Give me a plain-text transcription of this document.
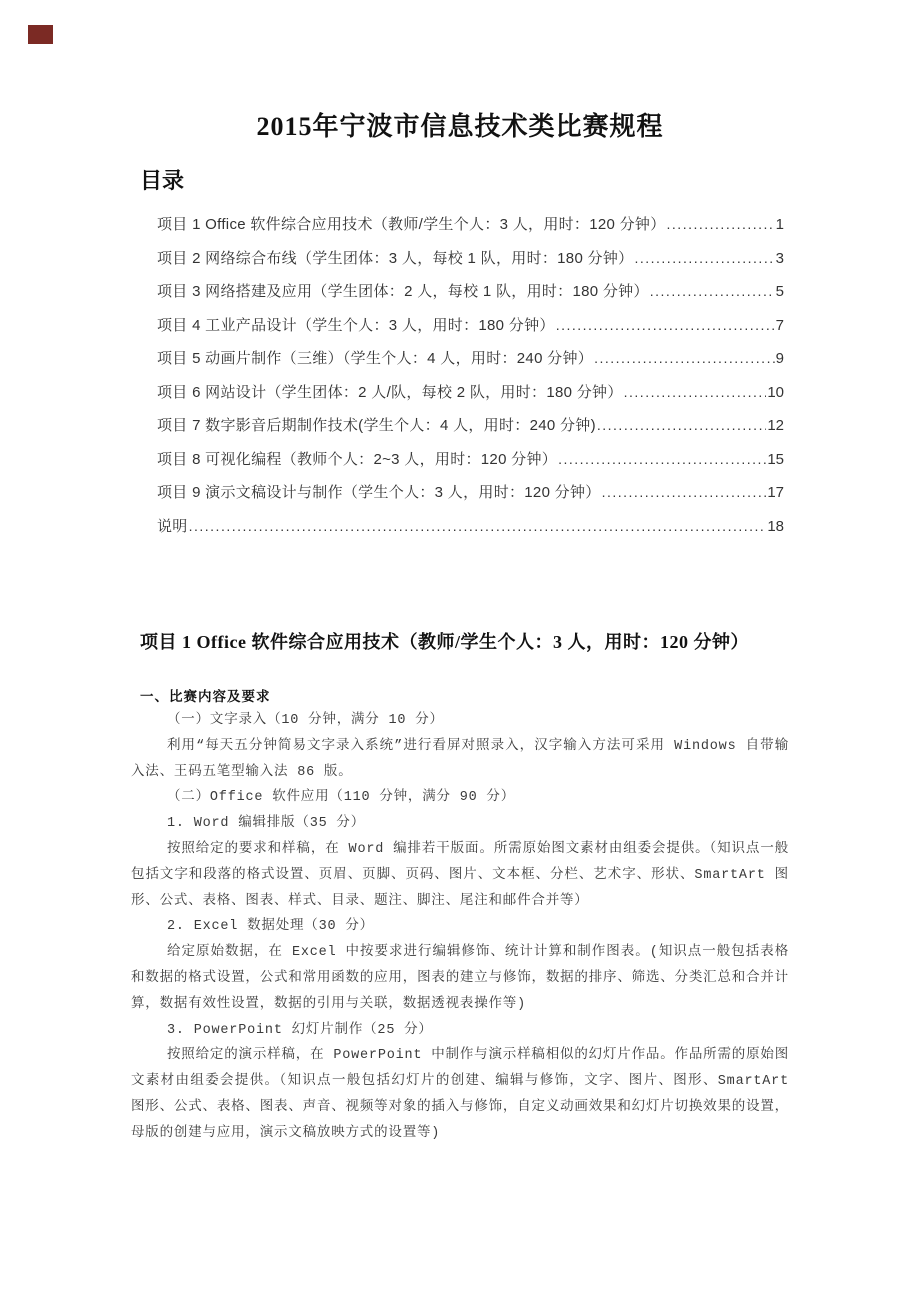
2015年宁波市信息技术类比赛规程
目录
项目 1 Office 软件综合应用技术（教师/学生个人：3 人，用时：120 分钟） .....	1
项目 2 网络综合布线（学生团体：3 人，每校 1 队，用时：180 分钟） .....	3
项目 3 网络搭建及应用（学生团体：2 人，每校 1 队，用时：180 分钟） .....	5
项目 4 工业产品设计（学生个人：3 人，用时：180 分钟） .....	7
项目 5 动画片制作（三维）（学生个人：4 人，用时：240 分钟） .....	9
项目 6 网站设计（学生团体：2 人/队，每校 2 队，用时：180 分钟） .....	10
项目 7 数字影音后期制作技术(学生个人：4 人，用时：240 分钟) .....	12
项目 8 可视化编程（教师个人：2~3 人，用时：120 分钟） .....	15
项目 9 演示文稿设计与制作（学生个人：3 人，用时：120 分钟） .....	17
说明 .....	18
项目 1 Office 软件综合应用技术（教师/学生个人：3 人，用时：120 分钟）
一、比赛内容及要求

（一）文字录入（10 分钟，满分 10 分）

利用“每天五分钟简易文字录入系统”进行看屏对照录入，汉字输入方法可采用 Windows 自带输入法、王码五笔型输入法 86 版。

（二）Office 软件应用（110 分钟，满分 90 分）

1. Word 编辑排版（35 分）

按照给定的要求和样稿，在 Word 编排若干版面。所需原始图文素材由组委会提供。（知识点一般包括文字和段落的格式设置、页眉、页脚、页码、图片、文本框、分栏、艺术字、形状、SmartArt 图形、公式、表格、图表、样式、目录、题注、脚注、尾注和邮件合并等）

2. Excel 数据处理（30 分）

给定原始数据，在 Excel 中按要求进行编辑修饰、统计计算和制作图表。(知识点一般包括表格和数据的格式设置，公式和常用函数的应用，图表的建立与修饰，数据的排序、筛选、分类汇总和合并计算，数据有效性设置，数据的引用与关联，数据透视表操作等)

3. PowerPoint 幻灯片制作（25 分）

按照给定的演示样稿，在 PowerPoint 中制作与演示样稿相似的幻灯片作品。作品所需的原始图文素材由组委会提供。（知识点一般包括幻灯片的创建、编辑与修饰，文字、图片、图形、SmartArt 图形、公式、表格、图表、声音、视频等对象的插入与修饰，自定义动画效果和幻灯片切换效果的设置，母版的创建与应用，演示文稿放映方式的设置等)
